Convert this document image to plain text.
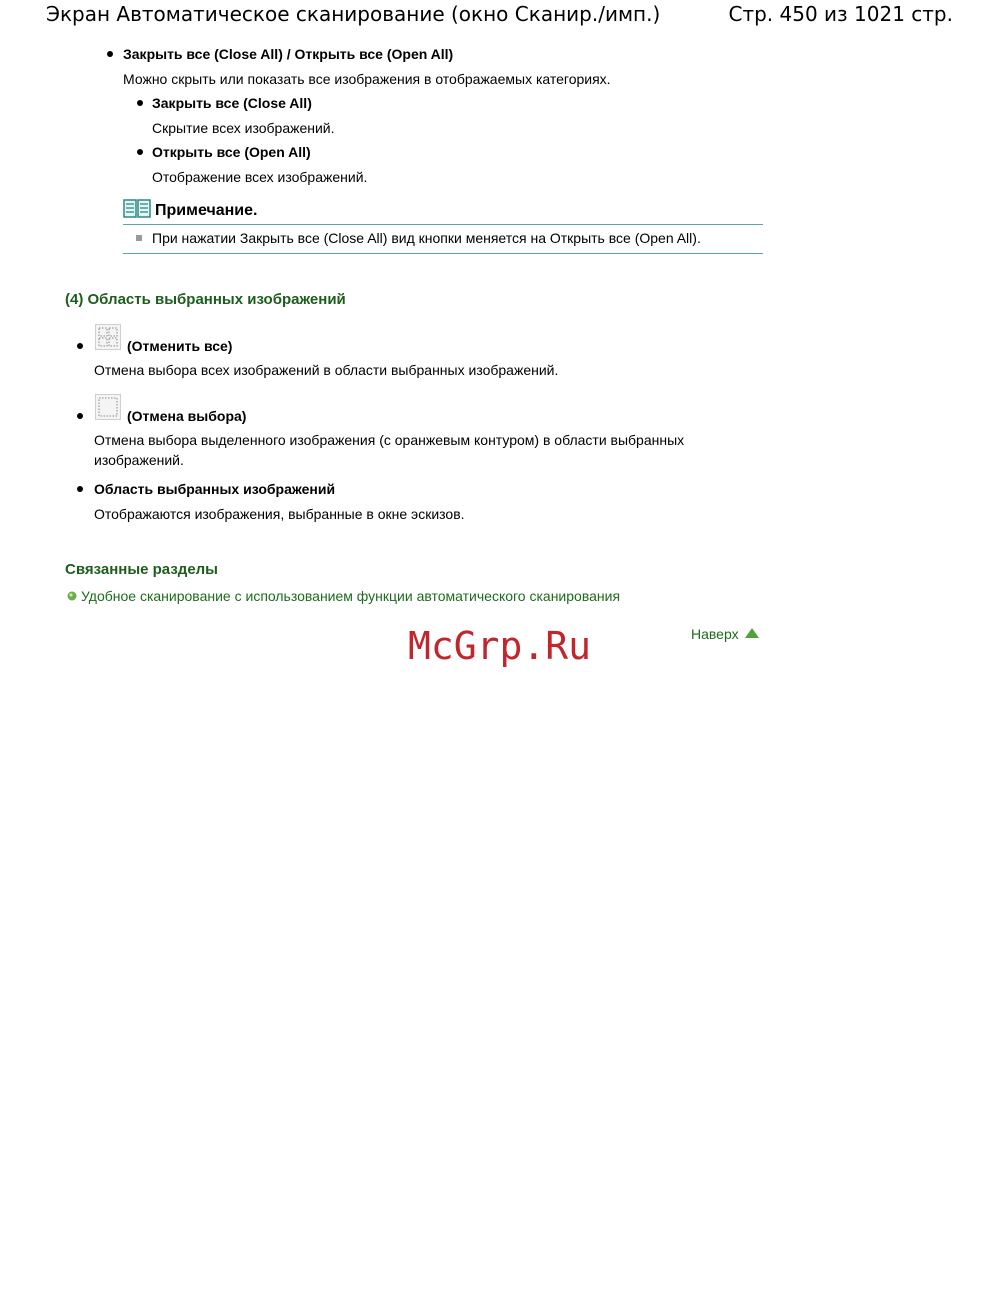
Экран Автоматическое сканирование (окно Сканир./имп.)	Стр. 450 из 1021 стр.
Закрыть все (Close All) / Открыть все (Open All)
Можно скрыть или показать все изображения в отображаемых категориях.
Закрыть все (Close All)
Скрытие всех изображений.
Открыть все (Open All)
Отображение всех изображений.
Примечание.
При нажатии Закрыть все (Close All) вид кнопки меняется на Открыть все (Open All).
(4) Область выбранных изображений
(Отменить все)
Отмена выбора всех изображений в области выбранных изображений.
(Отмена выбора)
Отмена выбора выделенного изображения (с оранжевым контуром) в области выбранных
изображений.
Область выбранных изображений
Отображаются изображения, выбранные в окне эскизов.
Связанные разделы
Удобное сканирование с использованием функции автоматического сканирования
Наверх
McGrp.Ru
